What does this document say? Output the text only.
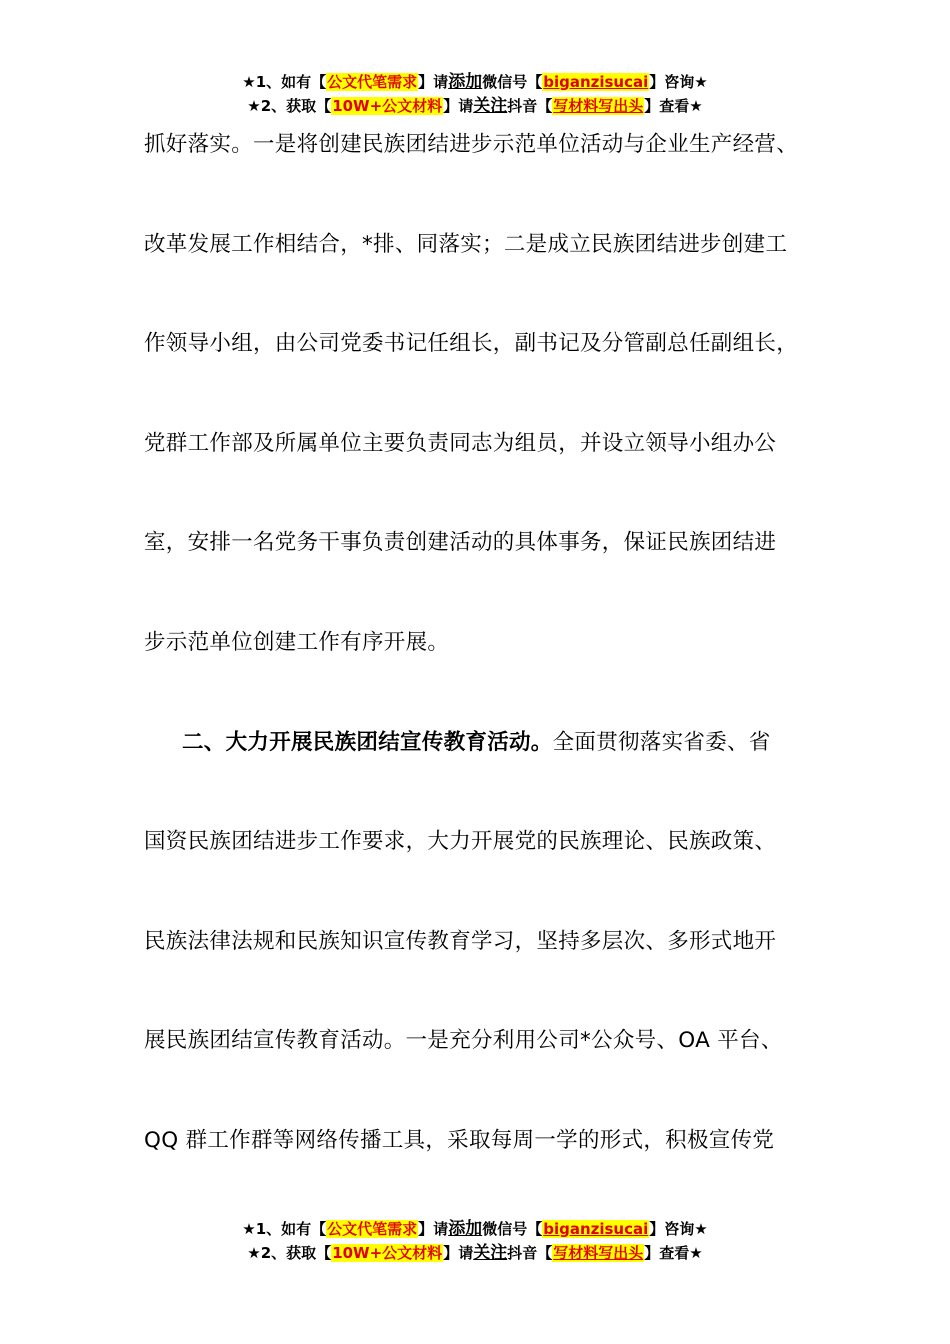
★1、如有【公文代笔需求】请添加微信号【biganzisucai】咨询★
★2、获取【10W+公文材料】请关注抖音【写材料写出头】查看★
抓好落实。一是将创建民族团结进步示范单位活动与企业生产经营、
改革发展工作相结合，*排、同落实；二是成立民族团结进步创建工
作领导小组，由公司党委书记任组长，副书记及分管副总任副组长，
党群工作部及所属单位主要负责同志为组员，并设立领导小组办公
室，安排一名党务干事负责创建活动的具体事务，保证民族团结进
步示范单位创建工作有序开展。
二、大力开展民族团结宣传教育活动。全面贯彻落实省委、省
国资民族团结进步工作要求，大力开展党的民族理论、民族政策、
民族法律法规和民族知识宣传教育学习，坚持多层次、多形式地开
展民族团结宣传教育活动。一是充分利用公司*公众号、OA 平台、
QQ 群工作群等网络传播工具，采取每周一学的形式，积极宣传党
★1、如有【公文代笔需求】请添加微信号【biganzisucai】咨询★
★2、获取【10W+公文材料】请关注抖音【写材料写出头】查看★
